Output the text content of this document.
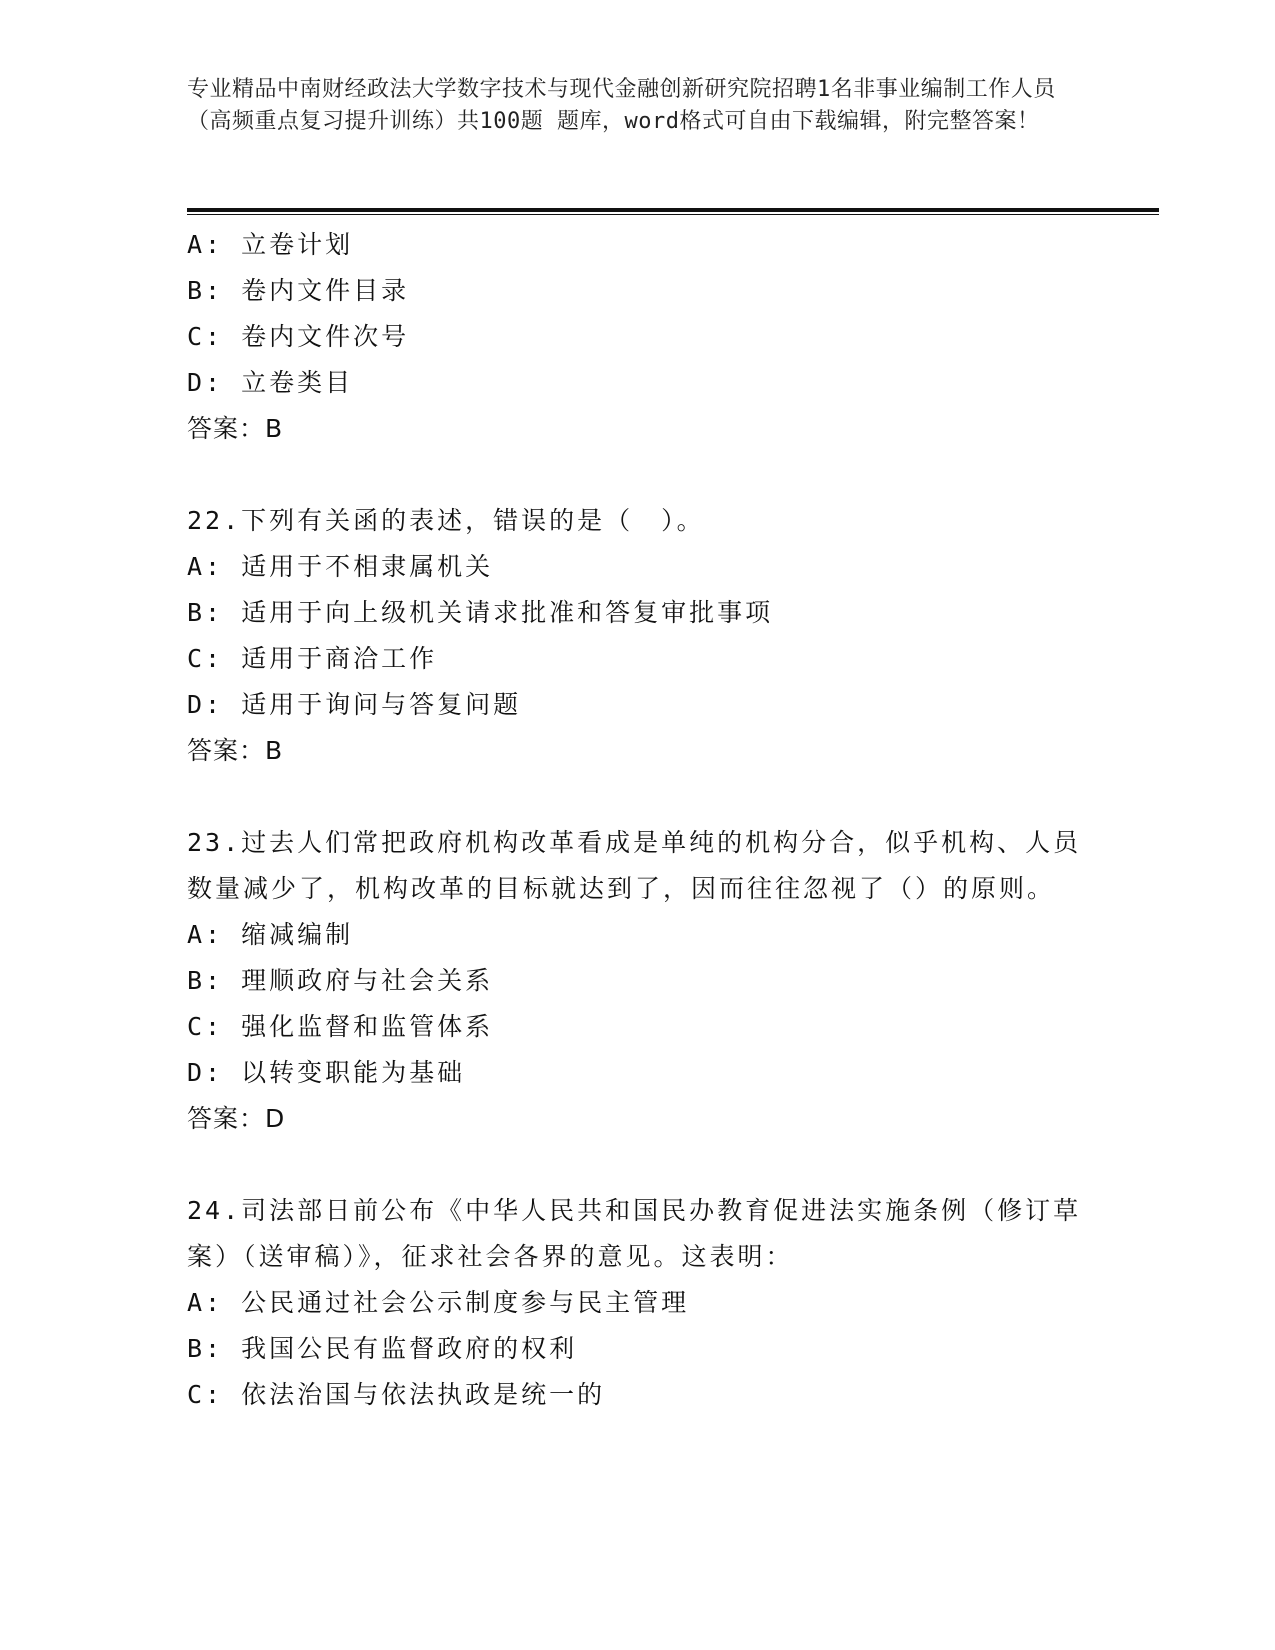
专业精品中南财经政法大学数字技术与现代金融创新研究院招聘1名非事业编制工作人员（高频重点复习提升训练）共100题 题库，word格式可自由下载编辑，附完整答案！
A: 立卷计划
B: 卷内文件目录
C: 卷内文件次号
D: 立卷类目
答案：B
22.下列有关函的表述，错误的是（　）。
A: 适用于不相隶属机关
B: 适用于向上级机关请求批准和答复审批事项
C: 适用于商洽工作
D: 适用于询问与答复问题
答案：B
23.过去人们常把政府机构改革看成是单纯的机构分合，似乎机构、人员数量减少了，机构改革的目标就达到了，因而往往忽视了（）的原则。
A: 缩减编制
B: 理顺政府与社会关系
C: 强化监督和监管体系
D: 以转变职能为基础
答案：D
24.司法部日前公布《中华人民共和国民办教育促进法实施条例（修订草案）（送审稿）》，征求社会各界的意见。这表明：
A: 公民通过社会公示制度参与民主管理
B: 我国公民有监督政府的权利
C: 依法治国与依法执政是统一的
